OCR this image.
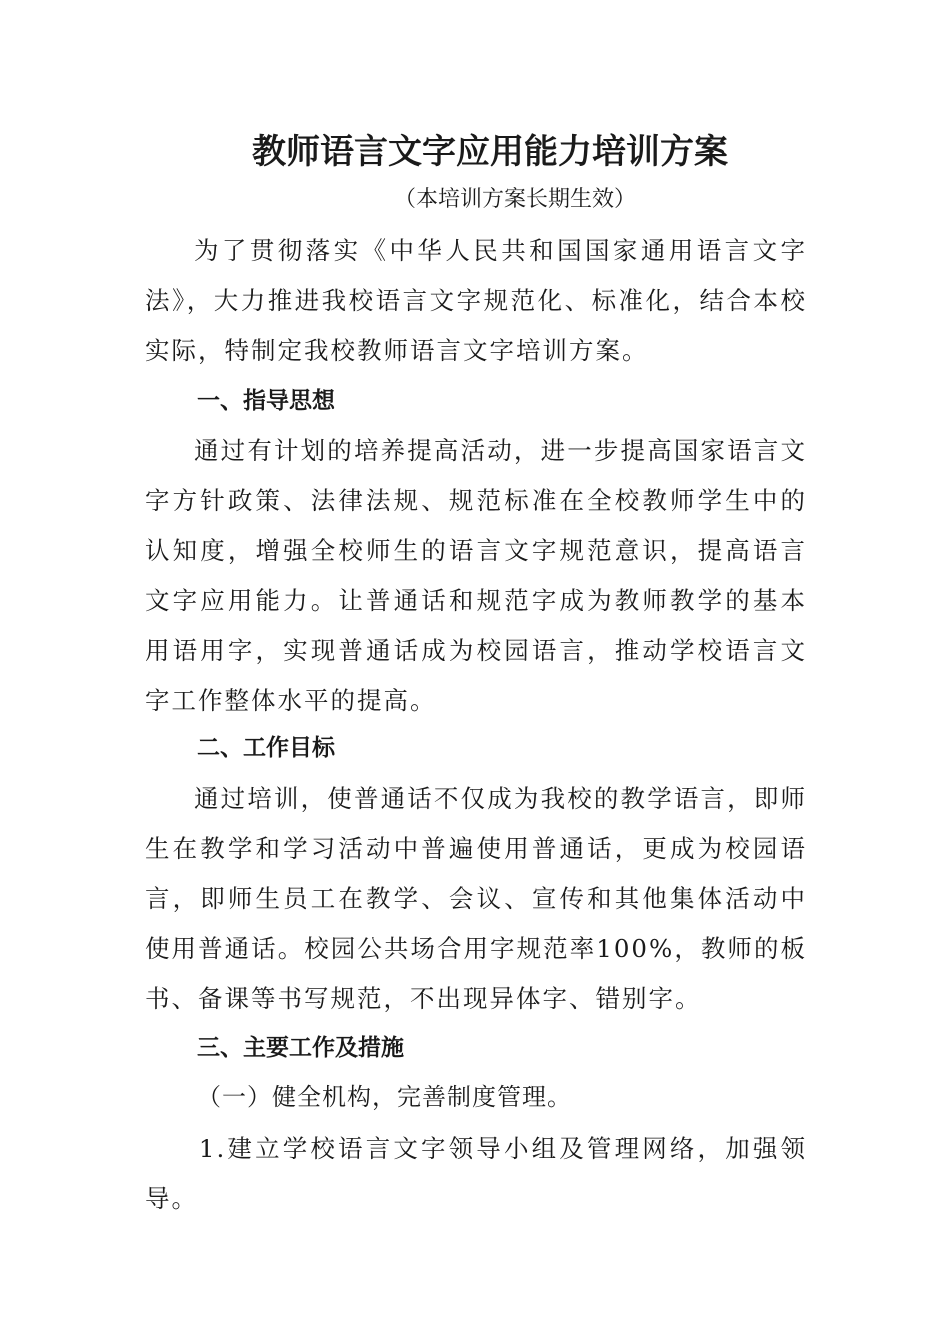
教师语言文字应用能力培训方案

（本培训方案长期生效）

为了贯彻落实《中华人民共和国国家通用语言文字法》，大力推进我校语言文字规范化、标准化，结合本校实际，特制定我校教师语言文字培训方案。

一、指导思想

通过有计划的培养提高活动，进一步提高国家语言文字方针政策、法律法规、规范标准在全校教师学生中的认知度，增强全校师生的语言文字规范意识，提高语言文字应用能力。让普通话和规范字成为教师教学的基本用语用字，实现普通话成为校园语言，推动学校语言文字工作整体水平的提高。

二、工作目标

通过培训，使普通话不仅成为我校的教学语言，即师生在教学和学习活动中普遍使用普通话，更成为校园语言，即师生员工在教学、会议、宣传和其他集体活动中使用普通话。校园公共场合用字规范率100%，教师的板书、备课等书写规范，不出现异体字、错别字。

三、主要工作及措施

（一）健全机构，完善制度管理。

1.建立学校语言文字领导小组及管理网络，加强领导。
